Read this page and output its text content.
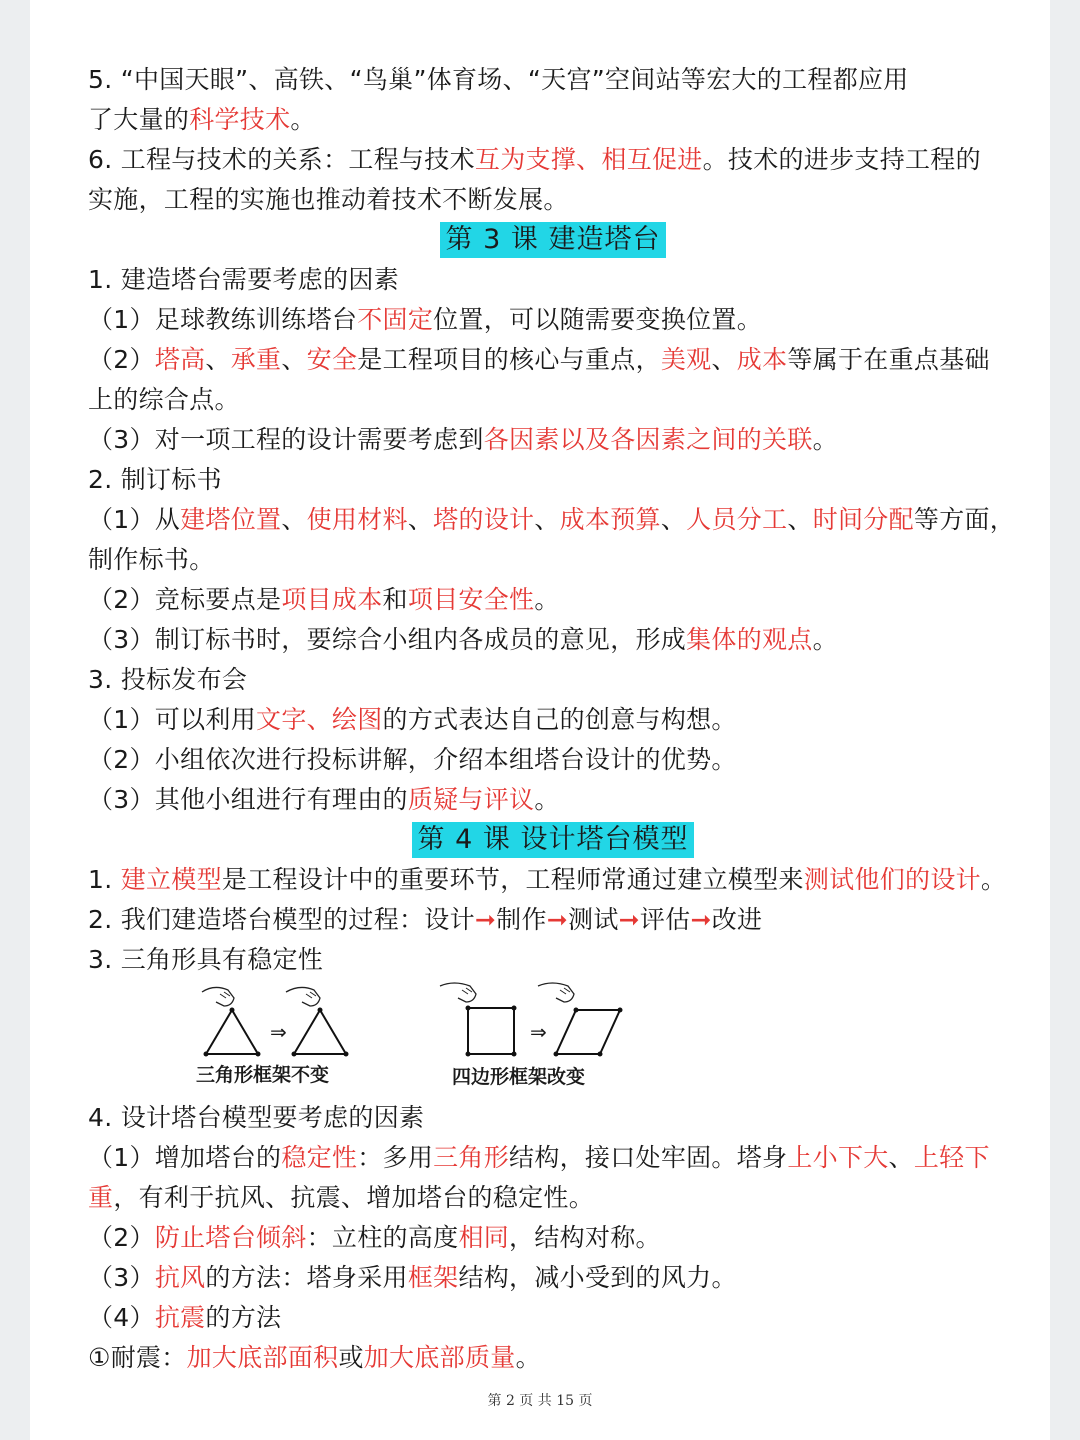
5. “中国天眼”、高铁、“鸟巢”体育场、“天宫”空间站等宏大的工程都应用
了大量的科学技术。
6. 工程与技术的关系：工程与技术互为支撑、相互促进。技术的进步支持工程的
实施，工程的实施也推动着技术不断发展。
第 3 课 建造塔台
1. 建造塔台需要考虑的因素
（1）足球教练训练塔台不固定位置，可以随需要变换位置。
（2）塔高、承重、安全是工程项目的核心与重点，美观、成本等属于在重点基础
上的综合点。
（3）对一项工程的设计需要考虑到各因素以及各因素之间的关联。
2. 制订标书
（1）从建塔位置、使用材料、塔的设计、成本预算、人员分工、时间分配等方面，
制作标书。
（2）竞标要点是项目成本和项目安全性。
（3）制订标书时，要综合小组内各成员的意见，形成集体的观点。
3. 投标发布会
（1）可以利用文字、绘图的方式表达自己的创意与构想。
（2）小组依次进行投标讲解，介绍本组塔台设计的优势。
（3）其他小组进行有理由的质疑与评议。
第 4 课 设计塔台模型
1. 建立模型是工程设计中的重要环节，工程师常通过建立模型来测试他们的设计。
2. 我们建造塔台模型的过程：设计➞制作➞测试➞评估➞改进
3. 三角形具有稳定性
⇒
三角形框架不变
⇒
四边形框架改变
4. 设计塔台模型要考虑的因素
（1）增加塔台的稳定性：多用三角形结构，接口处牢固。塔身上小下大、上轻下
重，有利于抗风、抗震、增加塔台的稳定性。
（2）防止塔台倾斜：立柱的高度相同，结构对称。
（3）抗风的方法：塔身采用框架结构，减小受到的风力。
（4）抗震的方法
①耐震：加大底部面积或加大底部质量。
第 2 页 共 15 页
